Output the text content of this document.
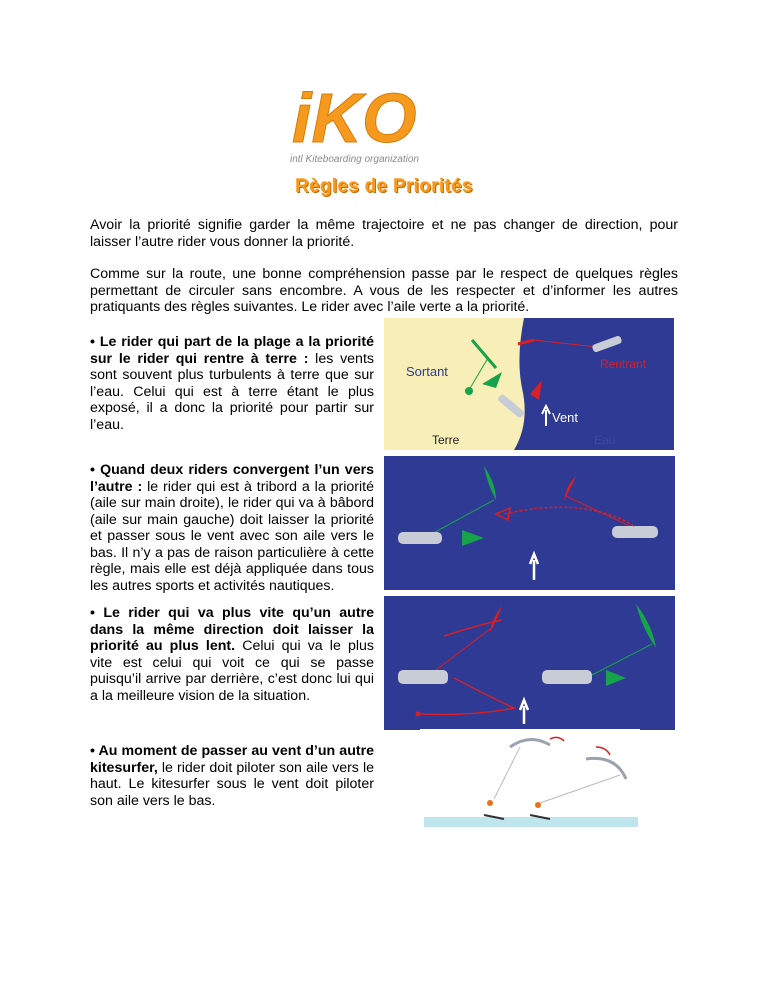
iKO
intl Kiteboarding organization
Règles de Priorités
Avoir la priorité signifie garder la même trajectoire et ne pas changer de direction, pour laisser l’autre rider vous donner la priorité.
Comme sur la route, une bonne compréhension passe par le respect de quelques règles permettant de circuler sans encombre. A vous de les respecter et d’informer les autres pratiquants des règles suivantes. Le rider avec l’aile verte a la priorité.
• Le rider qui part de la plage a la priorité sur le rider qui rentre à terre : les vents sont souvent plus turbulents à terre que sur l’eau. Celui qui est à terre étant le plus exposé, il a donc la priorité pour partir sur l’eau.
• Quand deux riders convergent l’un vers l’autre : le rider qui est à tribord a la priorité (aile sur main droite), le rider qui va à bâbord (aile sur main gauche) doit laisser la priorité et passer sous le vent avec son aile vers le bas. Il n’y a pas de raison particulière à cette règle, mais elle est déjà appliquée dans tous les autres sports et activités nautiques.
• Le rider qui va plus vite qu’un autre dans la même direction doit laisser la priorité au plus lent. Celui qui va le plus vite est celui qui voit ce qui se passe puisqu’il arrive par derrière, c’est donc lui qui a la meilleure vision de la situation.
• Au moment de passer au vent d’un autre kitesurfer, le rider doit piloter son aile vers le haut. Le kitesurfer sous le vent doit piloter son aile vers le bas.
Sortant	Rentrant
Vent
Terre	Eau
